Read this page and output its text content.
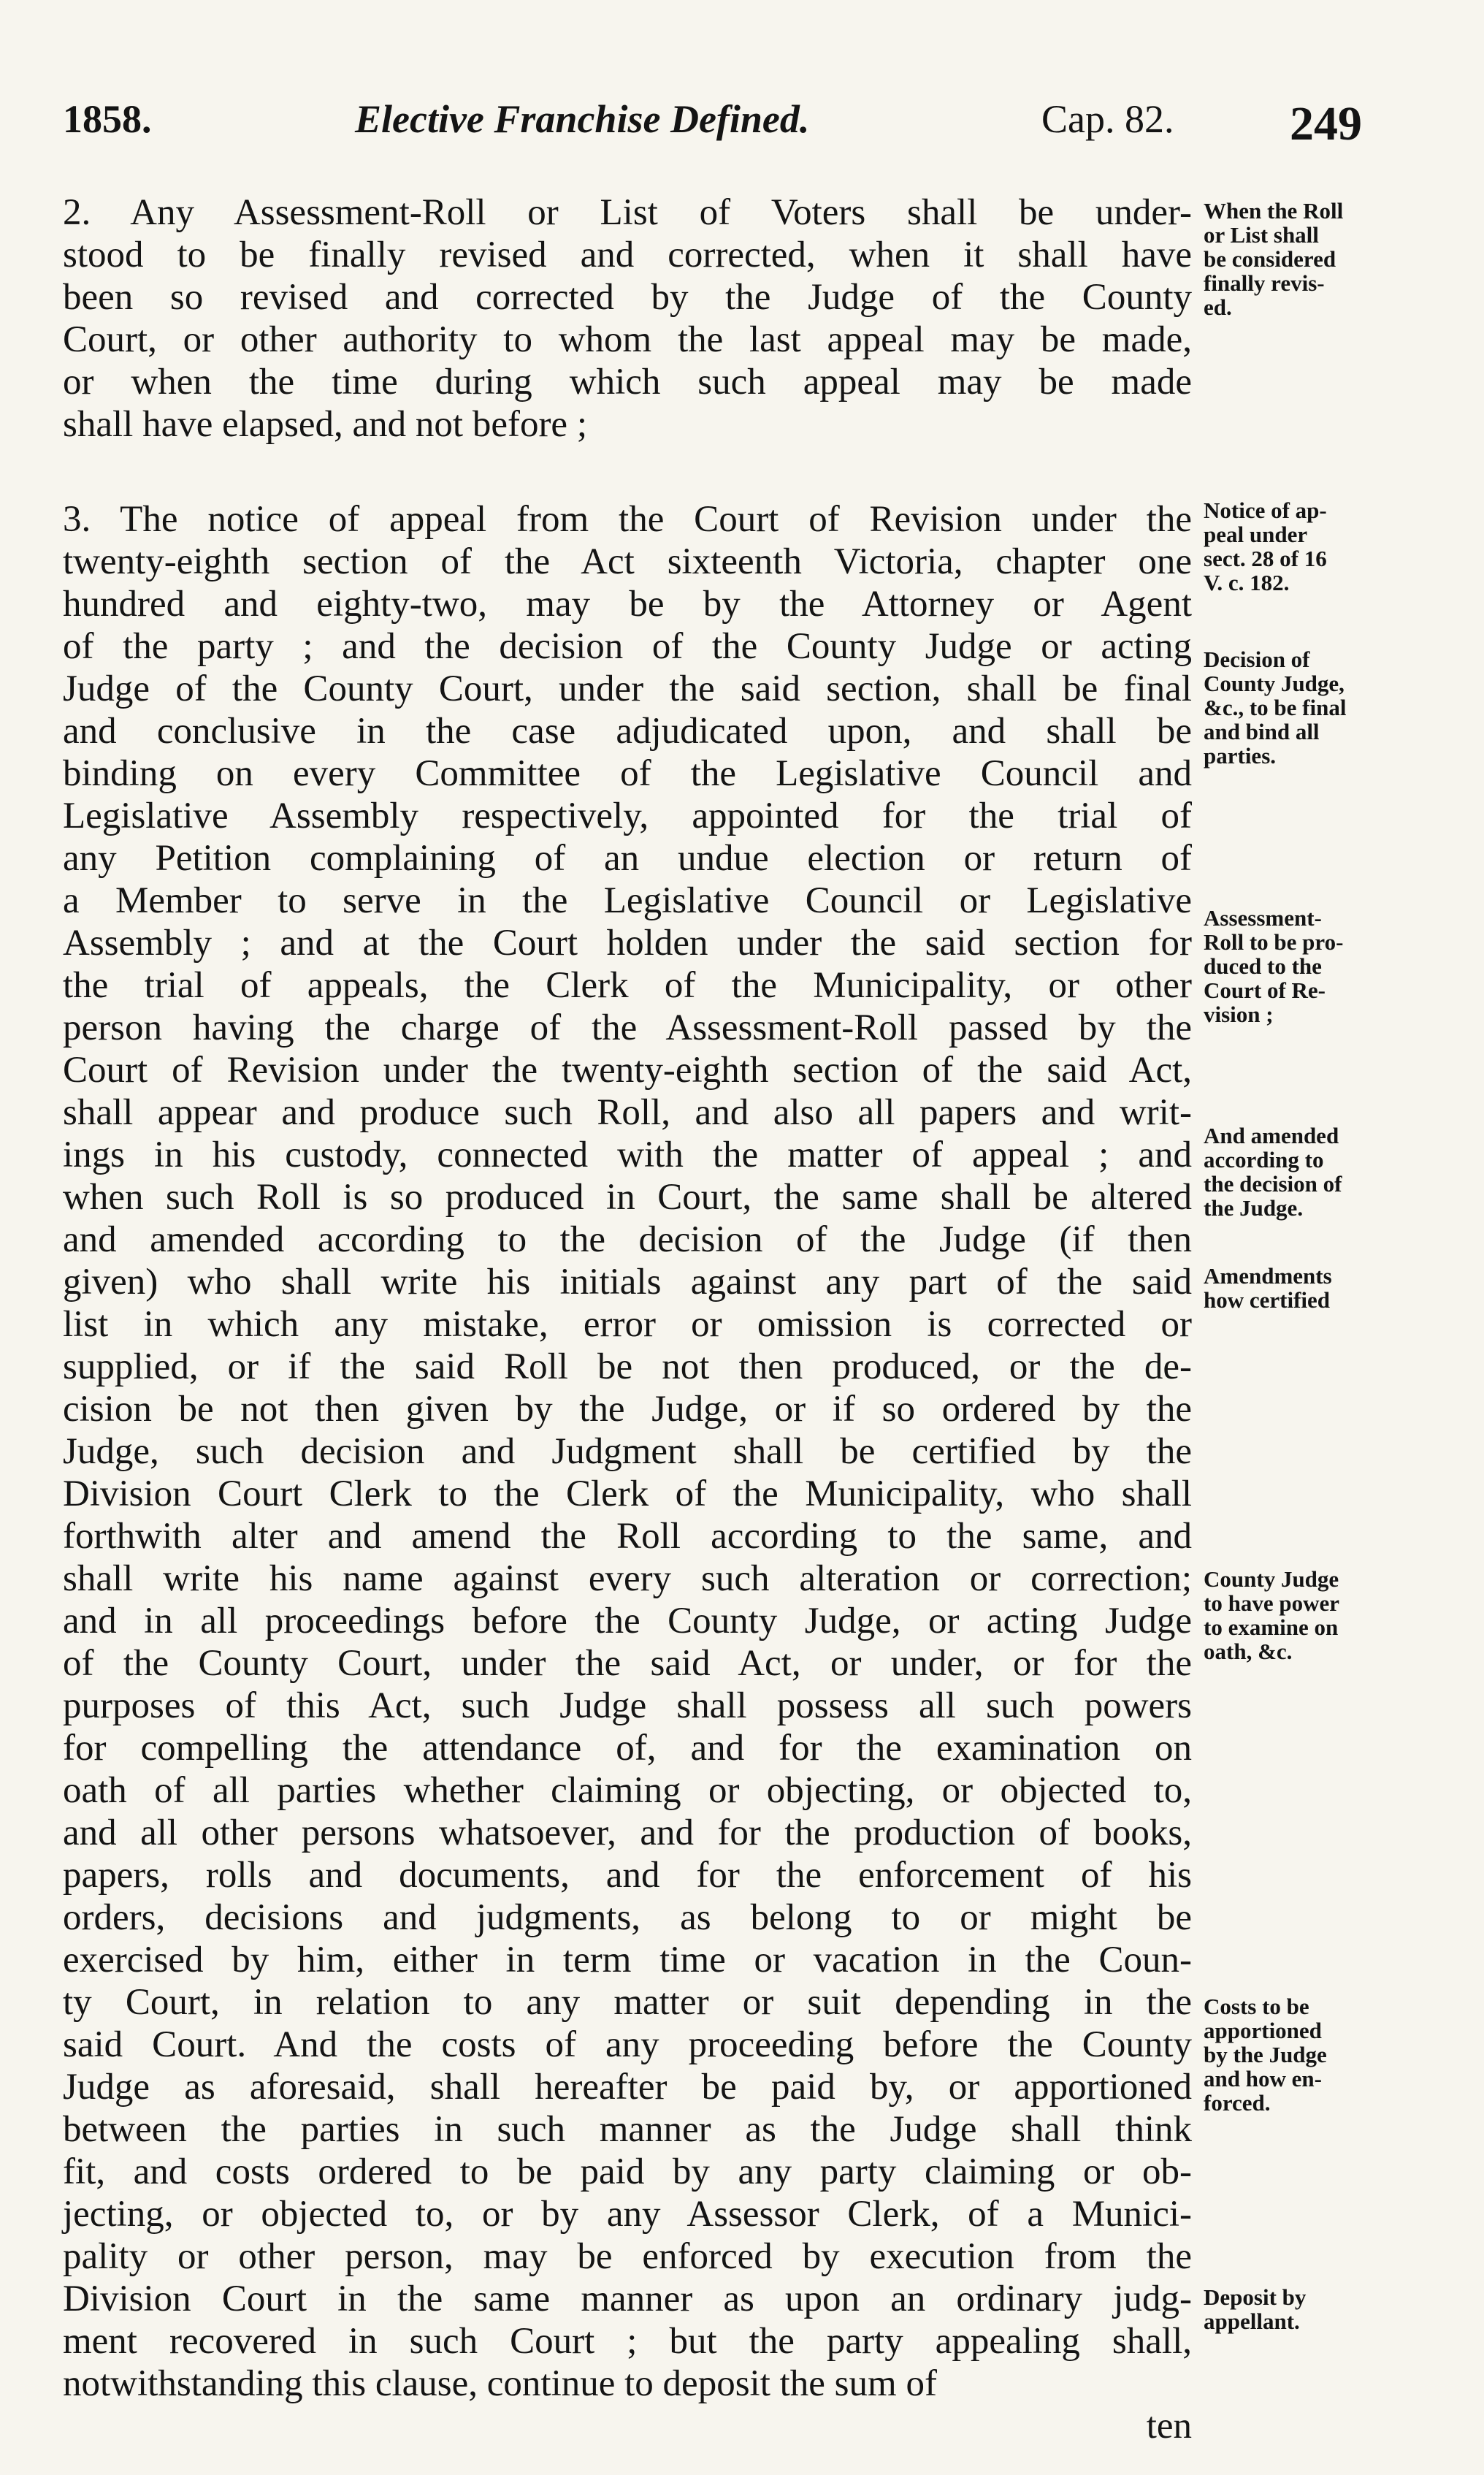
1858.	Elective Franchise Defined.	Cap. 82. 249
2. Any Assessment-Roll or List of Voters shall be under-
stood to be finally revised and corrected, when it shall have
been so revised and corrected by the Judge of the County
Court, or other authority to whom the last appeal may be made,
or when the time during which such appeal may be made
shall have elapsed, and not before ;
3. The notice of appeal from the Court of Revision under the
twenty-eighth section of the Act sixteenth Victoria, chapter one
hundred and eighty-two, may be by the Attorney or Agent
of the party ; and the decision of the County Judge or acting
Judge of the County Court, under the said section, shall be final
and conclusive in the case adjudicated upon, and shall be
binding on every Committee of the Legislative Council and
Legislative Assembly respectively, appointed for the trial of
any Petition complaining of an undue election or return of
a Member to serve in the Legislative Council or Legislative
Assembly ; and at the Court holden under the said section for
the trial of appeals, the Clerk of the Municipality, or other
person having the charge of the Assessment-Roll passed by the
Court of Revision under the twenty-eighth section of the said Act,
shall appear and produce such Roll, and also all papers and writ-
ings in his custody, connected with the matter of appeal ; and
when such Roll is so produced in Court, the same shall be altered
and amended according to the decision of the Judge (if then
given) who shall write his initials against any part of the said
list in which any mistake, error or omission is corrected or
supplied, or if the said Roll be not then produced, or the de-
cision be not then given by the Judge, or if so ordered by the
Judge, such decision and Judgment shall be certified by the
Division Court Clerk to the Clerk of the Municipality, who shall
forthwith alter and amend the Roll according to the same, and
shall write his name against every such alteration or correction;
and in all proceedings before the County Judge, or acting Judge
of the County Court, under the said Act, or under, or for the
purposes of this Act, such Judge shall possess all such powers
for compelling the attendance of, and for the examination on
oath of all parties whether claiming or objecting, or objected to,
and all other persons whatsoever, and for the production of books,
papers, rolls and documents, and for the enforcement of his
orders, decisions and judgments, as belong to or might be
exercised by him, either in term time or vacation in the Coun-
ty Court, in relation to any matter or suit depending in the
said Court. And the costs of any proceeding before the County
Judge as aforesaid, shall hereafter be paid by, or apportioned
between the parties in such manner as the Judge shall think
fit, and costs ordered to be paid by any party claiming or ob-
jecting, or objected to, or by any Assessor Clerk, of a Munici-
pality or other person, may be enforced by execution from the
Division Court in the same manner as upon an ordinary judg-
ment recovered in such Court ; but the party appealing shall,
notwithstanding this clause, continue to deposit the sum of
ten
When the Roll
or List shall
be considered
finally revis-
ed.
Notice of ap-
peal under
sect. 28 of 16
V. c. 182.
Decision of
County Judge,
&c., to be final
and bind all
parties.
Assessment-
Roll to be pro-
duced to the
Court of Re-
vision ;
And amended
according to
the decision of
the Judge.
Amendments
how certified
County Judge
to have power
to examine on
oath, &c.
Costs to be
apportioned
by the Judge
and how en-
forced.
Deposit by
appellant.
